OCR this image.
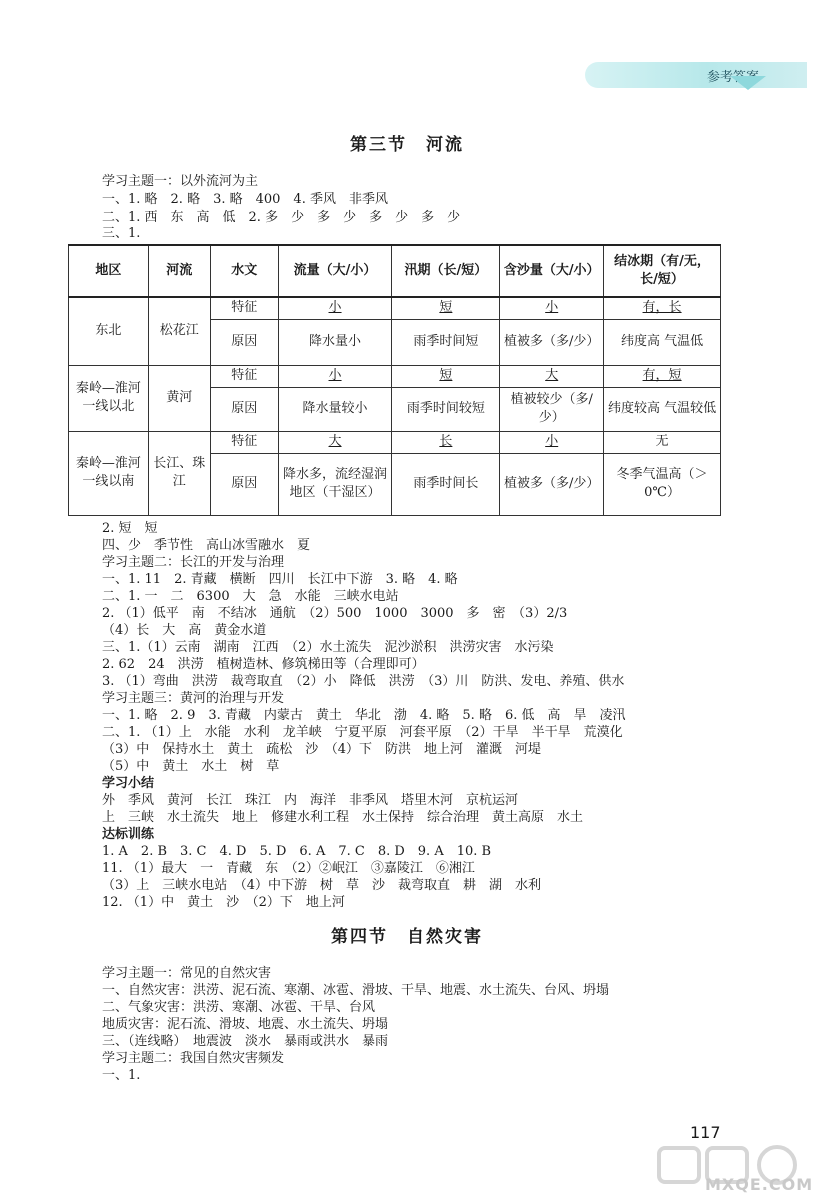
参考答案
第三节　河流
学习主题一：以外流河为主
一、1. 略　2. 略　3. 略　400　4. 季风　非季风
二、1. 西　东　高　低　2. 多　少　多　少　多　少　多　少
三、1.
地区	河流	水文	流量（大/小）	汛期（长/短）	含沙量（大/小）	结冰期（有/无，长/短）
东北	松花江	特征	小	短	小	有，长
		原因	降水量小	雨季时间短	植被多（多/少）	纬度高 气温低
秦岭—淮河一线以北	黄河	特征	小	短	大	有，短
		原因	降水量较小	雨季时间较短	植被较少（多/少）	纬度较高 气温较低
秦岭—淮河一线以南	长江、珠江	特征	大	长	小	无
		原因	降水多，流经湿润地区（干湿区）	雨季时间长	植被多（多/少）	冬季气温高（＞0℃）
2. 短　短
四、少　季节性　高山冰雪融水　夏
学习主题二：长江的开发与治理
一、1. 11　2. 青藏　横断　四川　长江中下游　3. 略　4. 略
二、1. 一　二　6300　大　急　水能　三峡水电站
2. （1）低平　南　不结冰　通航　（2）500　1000　3000　多　密　（3）2/3
（4）长　大　高　黄金水道
三、1.（1）云南　湖南　江西　（2）水土流失　泥沙淤积　洪涝灾害　水污染
2. 62　24　洪涝　植树造林、修筑梯田等（合理即可）
3. （1）弯曲　洪涝　裁弯取直　（2）小　降低　洪涝　（3）川　防洪、发电、养殖、供水
学习主题三：黄河的治理与开发
一、1. 略　2. 9　3. 青藏　内蒙古　黄土　华北　渤　4. 略　5. 略　6. 低　高　旱　凌汛
二、1. （1）上　水能　水利　龙羊峡　宁夏平原　河套平原　（2）干旱　半干旱　荒漠化
（3）中　保持水土　黄土　疏松　沙　（4）下　防洪　地上河　灌溉　河堤
（5）中　黄土　水土　树　草
学习小结
外　季风　黄河　长江　珠江　内　海洋　非季风　塔里木河　京杭运河
上　三峡　水土流失　地上　修建水利工程　水土保持　综合治理　黄土高原　水土
达标训练
1. A　2. B　3. C　4. D　5. D　6. A　7. C　8. D　9. A　10. B
11. （1）最大　一　青藏　东　（2）②岷江　③嘉陵江　⑥湘江
（3）上　三峡水电站　（4）中下游　树　草　沙　裁弯取直　耕　湖　水利
12. （1）中　黄土　沙　（2）下　地上河
第四节　自然灾害
学习主题一：常见的自然灾害
一、自然灾害：洪涝、泥石流、寒潮、冰雹、滑坡、干旱、地震、水土流失、台风、坍塌
二、气象灾害：洪涝、寒潮、冰雹、干旱、台风
地质灾害：泥石流、滑坡、地震、水土流失、坍塌
三、（连线略）　地震波　淡水　暴雨或洪水　暴雨
学习主题二：我国自然灾害频发
一、1.
117
MXQE.COM
